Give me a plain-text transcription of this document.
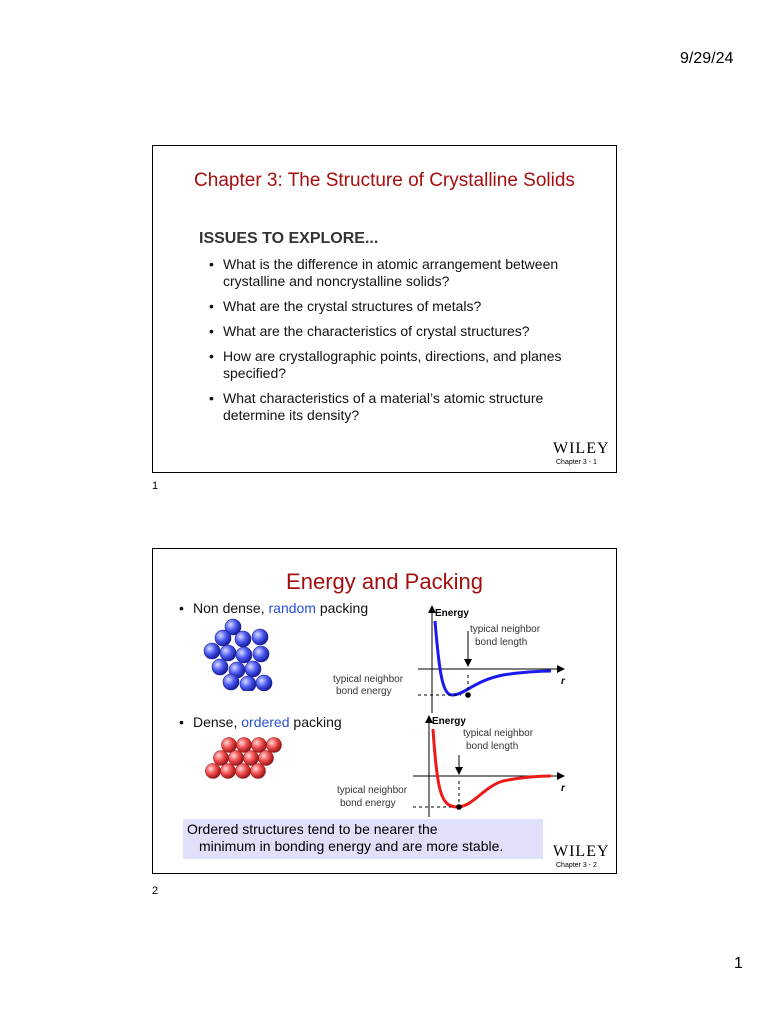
9/29/24
Chapter 3: The Structure of Crystalline Solids
ISSUES TO EXPLORE...
• What is the difference in atomic arrangement between crystalline and noncrystalline solids?
• What are the crystal structures of metals?
• What are the characteristics of crystal structures?
• How are crystallographic points, directions, and planes specified?
• What characteristics of a material’s atomic structure determine its density?
WILEY
Chapter 3 - 1
1
Energy and Packing
• Non dense, random packing
• Dense, ordered packing
Energy
r
typical neighbor
bond length
typical neighbor
bond energy
Energy
r
typical neighbor
bond length
typical neighbor
bond energy
Ordered structures tend to be nearer the
minimum in bonding energy and are more stable.	WILEY
Chapter 3 - 2
2
1
